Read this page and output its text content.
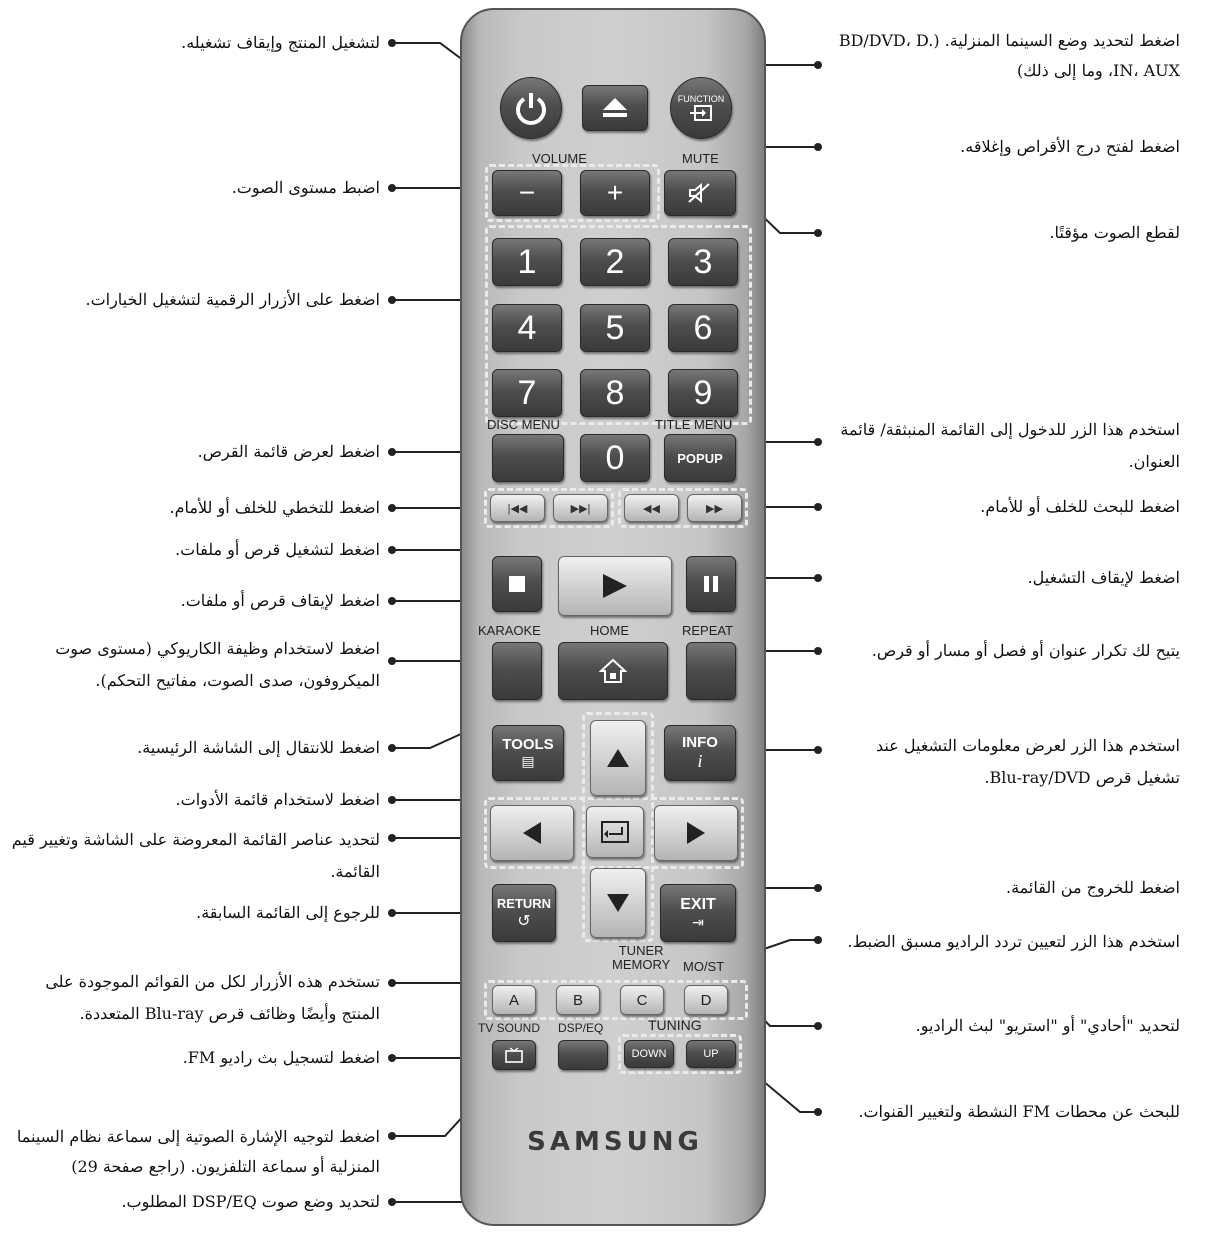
لتشغيل المنتج وإيقاف تشغيله.
اضبط مستوى الصوت.
اضغط على الأزرار الرقمية لتشغيل الخيارات.
اضغط لعرض قائمة القرص.
اضغط للتخطي للخلف أو للأمام.
اضغط لتشغيل قرص أو ملفات.
اضغط لإيقاف قرص أو ملفات.
اضغط لاستخدام وظيفة الكاريوكي (مستوى صوت الميكروفون، صدى الصوت، مفاتيح التحكم).
اضغط للانتقال إلى الشاشة الرئيسية.
اضغط لاستخدام قائمة الأدوات.
لتحديد عناصر القائمة المعروضة على الشاشة وتغيير قيم القائمة.
للرجوع إلى القائمة السابقة.
تستخدم هذه الأزرار لكل من القوائم الموجودة على المنتج وأيضًا وظائف قرص Blu-ray المتعددة.
اضغط لتسجيل بث راديو FM.
اضغط لتوجيه الإشارة الصوتية إلى سماعة نظام السينما المنزلية أو سماعة التلفزيون. (راجع صفحة 29)
لتحديد وضع صوت DSP/EQ المطلوب.
اضغط لتحديد وضع السينما المنزلية. (BD/DVD، D. IN، AUX، وما إلى ذلك)
اضغط لفتح درج الأقراص وإغلاقه.
لقطع الصوت مؤقتًا.
استخدم هذا الزر للدخول إلى القائمة المنبثقة/ قائمة العنوان.
اضغط للبحث للخلف أو للأمام.
اضغط لإيقاف التشغيل.
يتيح لك تكرار عنوان أو فصل أو مسار أو قرص.
استخدم هذا الزر لعرض معلومات التشغيل عند تشغيل قرص Blu-ray/DVD.
اضغط للخروج من القائمة.
استخدم هذا الزر لتعيين تردد الراديو مسبق الضبط.
لتحديد "أحادي" أو "استريو" لبث الراديو.
للبحث عن محطات FM النشطة ولتغيير القنوات.
FUNCTION
VOLUME	MUTE
−	+
1	2	3
4	5	6
7	8	9
DISC MENU	TITLE MENU
0	POPUP
|◀◀	▶▶|	◀◀	▶▶
KARAOKE	HOME	REPEAT
TOOLS
▤
INFO
i
RETURN
↺
EXIT
⇥
TUNER
MEMORY MO/ST
A	B	C	D
TV SOUND DSP/EQ	TUNING
DOWN	UP
SAMSUNG
